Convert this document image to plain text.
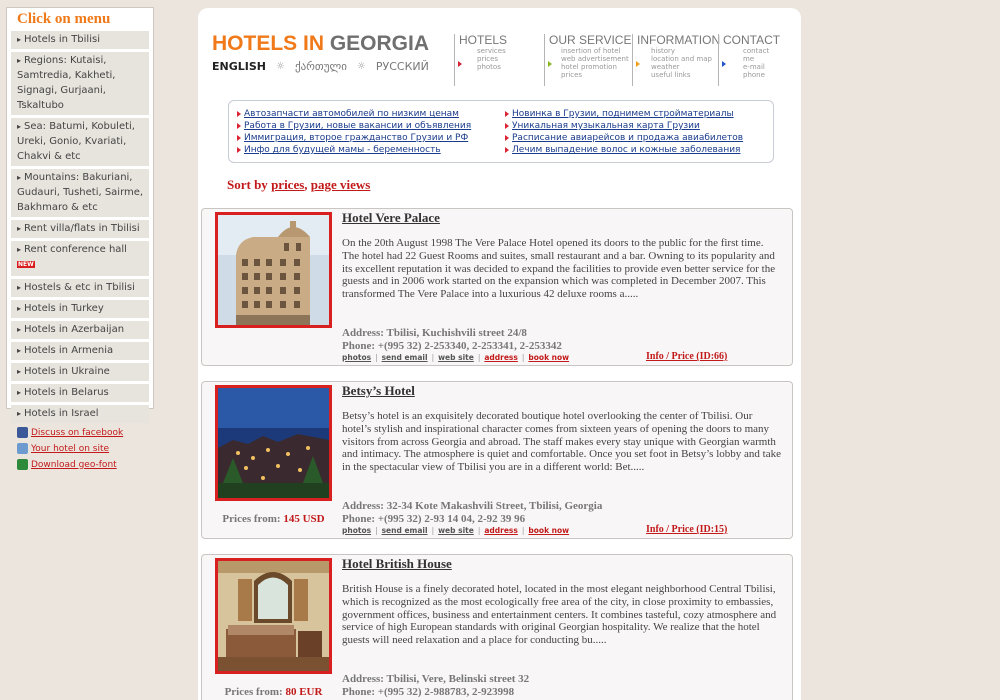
Click on menu
▸ Hotels in Tbilisi
▸ Regions: Kutaisi, Samtredia, Kakheti, Signagi, Gurjaani, Tskaltubo
▸ Sea: Batumi, Kobuleti, Ureki, Gonio, Kvariati, Chakvi & etc
▸ Mountains: Bakuriani, Gudauri, Tusheti, Sairme, Bakhmaro & etc
▸ Rent villa/flats in Tbilisi
▸ Rent conference hall $^{NEW}$
▸ Hostels & etc in Tbilisi
▸ Hotels in Turkey
▸ Hotels in Azerbaijan
▸ Hotels in Armenia
▸ Hotels in Ukraine
▸ Hotels in Belarus
▸ Hotels in Israel
Discuss on facebook
Your hotel on site
Download geo-font
HOTELS IN GEORGIA
ENGLISH ☼ ქართული ☼ РУССКИЙ
HOTELS
services
prices
photos
OUR SERVICE
insertion of hotel
web advertisement
hotel promotion
prices
INFORMATION
history
location and map
weather
useful links
CONTACT
contact me
e-mail
phone
Автозапчасти автомобилей по низким ценам
Работа в Грузии, новые вакансии и объявления
Иммиграция, второе гражданство Грузии и РФ
Инфо для будущей мамы - беременность
Новинка в Грузии, поднимем стройматериалы
Уникальная музыкальная карта Грузии
Расписание авиарейсов и продажа авиабилетов
Лечим выпадение волос и кожные заболевания
Sort by prices, page views
Hotel Vere Palace
On the 20th August 1998 The Vere Palace Hotel opened its doors to the public for the first time. The hotel had 22 Guest Rooms and suites, small restaurant and a bar. Owning to its popularity and its excellent reputation it was decided to expand the facilities to provide even better service for the guests and in 2006 work started on the expansion which was completed in December 2007. This transformed The Vere Palace into a luxurious 42 deluxe rooms a.....
Address: Tbilisi, Kuchishvili street 24/8
Phone: +(995 32) 2-253340, 2-253341, 2-253342
photos | send email | web site | address | book now	Info / Price (ID:66)
Prices from: 145 USD
Betsy’s Hotel
Betsy’s hotel is an exquisitely decorated boutique hotel overlooking the center of Tbilisi. Our hotel’s stylish and inspirational character comes from sixteen years of opening the doors to many visitors from across Georgia and abroad. The staff makes every stay unique with Georgian warmth and intimacy. The atmosphere is quiet and comfortable. Once you set foot in Betsy’s lobby and take in the spectacular view of Tbilisi you are in a different world: Bet.....
Address: 32-34 Kote Makashvili Street, Tbilisi, Georgia
Phone: +(995 32) 2-93 14 04, 2-92 39 96
photos | send email | web site | address | book now	Info / Price (ID:15)
Prices from: 80 EUR
Hotel British House
British House is a finely decorated hotel, located in the most elegant neighborhood Central Tbilisi, which is recognized as the most ecologically free area of the city, in close proximity to embassies, government offices, business and entertainment centers. It combines tasteful, cozy atmosphere and service of high European standards with original Georgian hospitality. We realize that the hotel guests will need relaxation and a place for conducting bu.....
Address: Tbilisi, Vere, Belinski street 32
Phone: +(995 32) 2-988783, 2-923998
